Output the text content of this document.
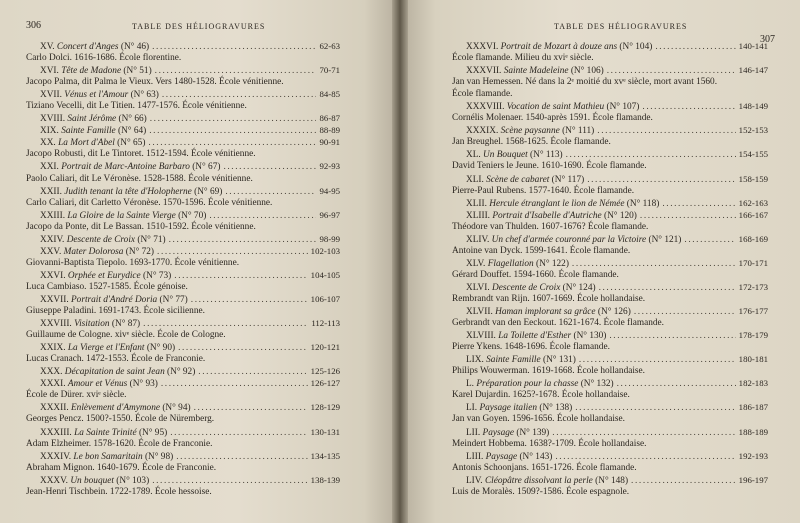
306	TABLE DES HÉLIOGRAVURES
XV. Concert d'Anges (N° 46) .....	62-63
Carlo Dolci. 1616-1686. École florentine.
XVI. Tête de Madone (N° 51) .....	70-71
Jacopo Palma, dit Palma le Vieux. Vers 1480-1528. École vénitienne.
XVII. Vénus et l'Amour (N° 63) .....	84-85
Tiziano Vecelli, dit Le Titien. 1477-1576. École vénitienne.
XVIII. Saint Jérôme (N° 66) .....	86-87
XIX. Sainte Famille (N° 64) .....	88-89
XX. La Mort d'Abel (N° 65) .....	90-91
Jacopo Robusti, dit Le Tintoret. 1512-1594. École vénitienne.
XXI. Portrait de Marc-Antoine Barbaro (N° 67) .....	92-93
Paolo Caliari, dit Le Véronèse. 1528-1588. École vénitienne.
XXII. Judith tenant la tête d'Holopherne (N° 69) .....	94-95
Carlo Caliari, dit Carletto Véronèse. 1570-1596. École vénitienne.
XXIII. La Gloire de la Sainte Vierge (N° 70) .....	96-97
Jacopo da Ponte, dit Le Bassan. 1510-1592. École vénitienne.
XXIV. Descente de Croix (N° 71) .....	98-99
XXV. Mater Dolorosa (N° 72) .....	102-103
Giovanni-Baptista Tiepolo. 1693-1770. École vénitienne.
XXVI. Orphée et Eurydice (N° 73) .....	104-105
Luca Cambiaso. 1527-1585. École génoise.
XXVII. Portrait d'André Doria (N° 77) .....	106-107
Giuseppe Paladini. 1691-1743. École sicilienne.
XXVIII. Visitation (N° 87) .....	112-113
Guillaume de Cologne. xivᵉ siècle. École de Cologne.
XXIX. La Vierge et l'Enfant (N° 90) .....	120-121
Lucas Cranach. 1472-1553. École de Franconie.
XXX. Décapitation de saint Jean (N° 92) .....	125-126
XXXI. Amour et Vénus (N° 93) .....	126-127
École de Dürer. xviᵉ siècle.
XXXII. Enlèvement d'Amymone (N° 94) .....	128-129
Georges Pencz. 1500?-1550. École de Nüremberg.
XXXIII. La Sainte Trinité (N° 95) .....	130-131
Adam Elzheimer. 1578-1620. École de Franconie.
XXXIV. Le bon Samaritain (N° 98) .....	134-135
Abraham Mignon. 1640-1679. École de Franconie.
XXXV. Un bouquet (N° 103) .....	138-139
Jean-Henri Tischbein. 1722-1789. École hessoise.
TABLE DES HÉLIOGRAVURES
307
XXXVI. Portrait de Mozart à douze ans (N° 104) .....	140-141
École flamande. Milieu du xviᵉ siècle.
XXXVII. Sainte Madeleine (N° 106) .....	146-147
Jan van Hemessen. Né dans la 2ᵉ moitié du xvᵉ siècle, mort avant 1560.
École flamande.
XXXVIII. Vocation de saint Mathieu (N° 107) .....	148-149
Cornélis Molenaer. 1540-après 1591. École flamande.
XXXIX. Scène paysanne (N° 111) .....	152-153
Jan Breughel. 1568-1625. École flamande.
XL. Un Bouquet (N° 113) .....	154-155
David Teniers le Jeune. 1610-1690. École flamande.
XLI. Scène de cabaret (N° 117) .....	158-159
Pierre-Paul Rubens. 1577-1640. École flamande.
XLII. Hercule étranglant le lion de Némée (N° 118) .....	162-163
XLIII. Portrait d'Isabelle d'Autriche (N° 120) .....	166-167
Théodore van Thulden. 1607-1676? École flamande.
XLIV. Un chef d'armée couronné par la Victoire (N° 121) .....	168-169
Antoine van Dyck. 1599-1641. École flamande.
XLV. Flagellation (N° 122) .....	170-171
Gérard Douffet. 1594-1660. École flamande.
XLVI. Descente de Croix (N° 124) .....	172-173
Rembrandt van Rijn. 1607-1669. École hollandaise.
XLVII. Haman implorant sa grâce (N° 126) .....	176-177
Gerbrandt van den Eeckout. 1621-1674. École flamande.
XLVIII. La Toilette d'Esther (N° 130) .....	178-179
Pierre Ykens. 1648-1696. École flamande.
LIX. Sainte Famille (N° 131) .....	180-181
Philips Wouwerman. 1619-1668. École hollandaise.
L. Préparation pour la chasse (N° 132) .....	182-183
Karel Dujardin. 1625?-1678. École hollandaise.
LI. Paysage italien (N° 138) .....	186-187
Jan van Goyen. 1596-1656. École hollandaise.
LII. Paysage (N° 139) .....	188-189
Meindert Hobbema. 1638?-1709. École hollandaise.
LIII. Paysage (N° 143) .....	192-193
Antonis Schoonjans. 1651-1726. École flamande.
LIV. Cléopâtre dissolvant la perle (N° 148) .....	196-197
Luis de Moralès. 1509?-1586. École espagnole.
